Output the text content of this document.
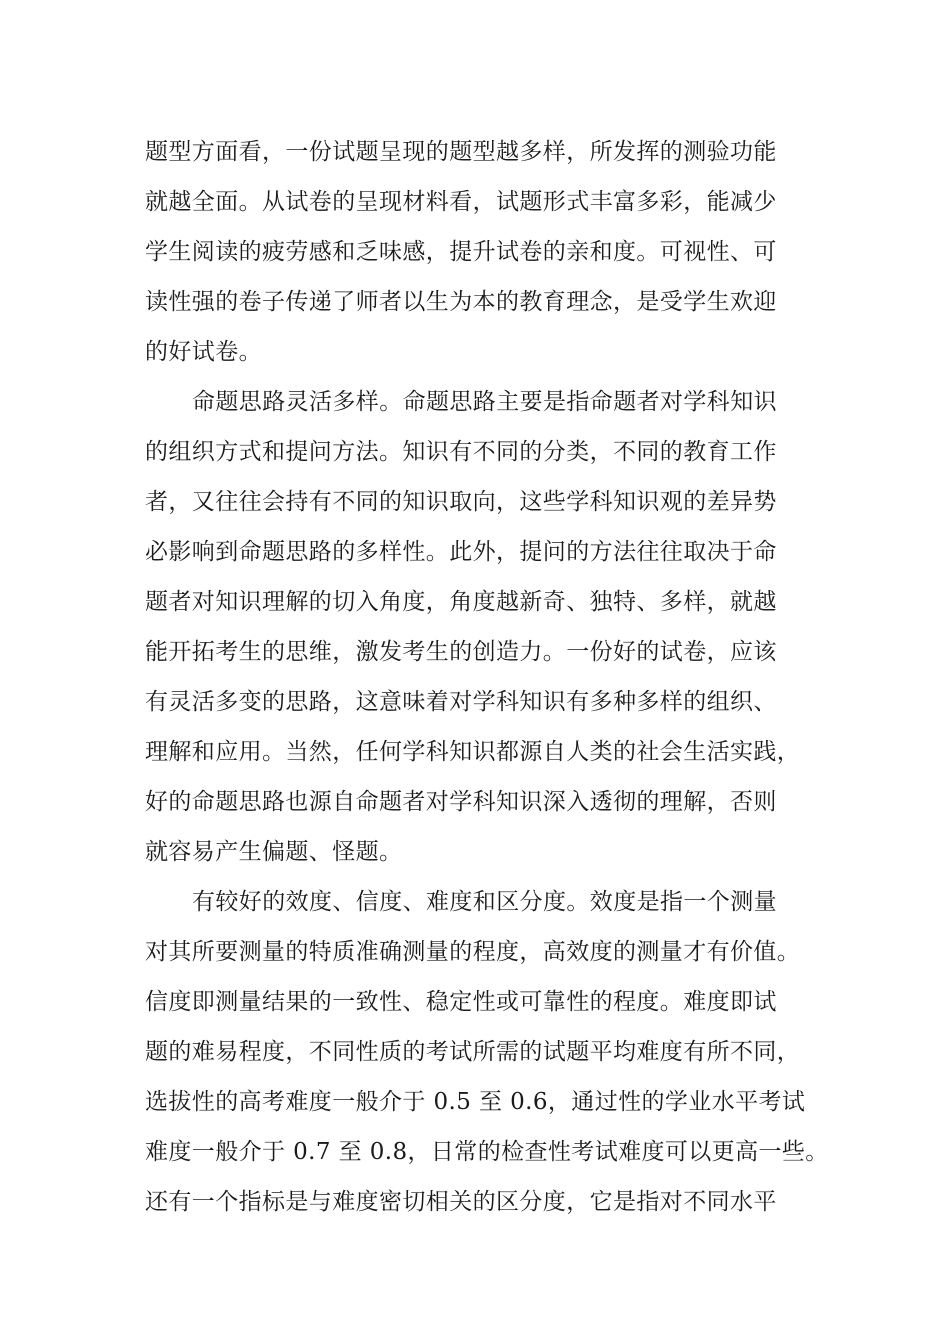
题型方面看，一份试题呈现的题型越多样，所发挥的测验功能
就越全面。从试卷的呈现材料看，试题形式丰富多彩，能减少
学生阅读的疲劳感和乏味感，提升试卷的亲和度。可视性、可
读性强的卷子传递了师者以生为本的教育理念，是受学生欢迎
的好试卷。
命题思路灵活多样。命题思路主要是指命题者对学科知识
的组织方式和提问方法。知识有不同的分类，不同的教育工作
者，又往往会持有不同的知识取向，这些学科知识观的差异势
必影响到命题思路的多样性。此外，提问的方法往往取决于命
题者对知识理解的切入角度，角度越新奇、独特、多样，就越
能开拓考生的思维，激发考生的创造力。一份好的试卷，应该
有灵活多变的思路，这意味着对学科知识有多种多样的组织、
理解和应用。当然，任何学科知识都源自人类的社会生活实践，
好的命题思路也源自命题者对学科知识深入透彻的理解，否则
就容易产生偏题、怪题。
有较好的效度、信度、难度和区分度。效度是指一个测量
对其所要测量的特质准确测量的程度，高效度的测量才有价值。
信度即测量结果的一致性、稳定性或可靠性的程度。难度即试
题的难易程度，不同性质的考试所需的试题平均难度有所不同，
选拔性的高考难度一般介于 0.5 至 0.6，通过性的学业水平考试
难度一般介于 0.7 至 0.8，日常的检查性考试难度可以更高一些。
还有一个指标是与难度密切相关的区分度，它是指对不同水平
